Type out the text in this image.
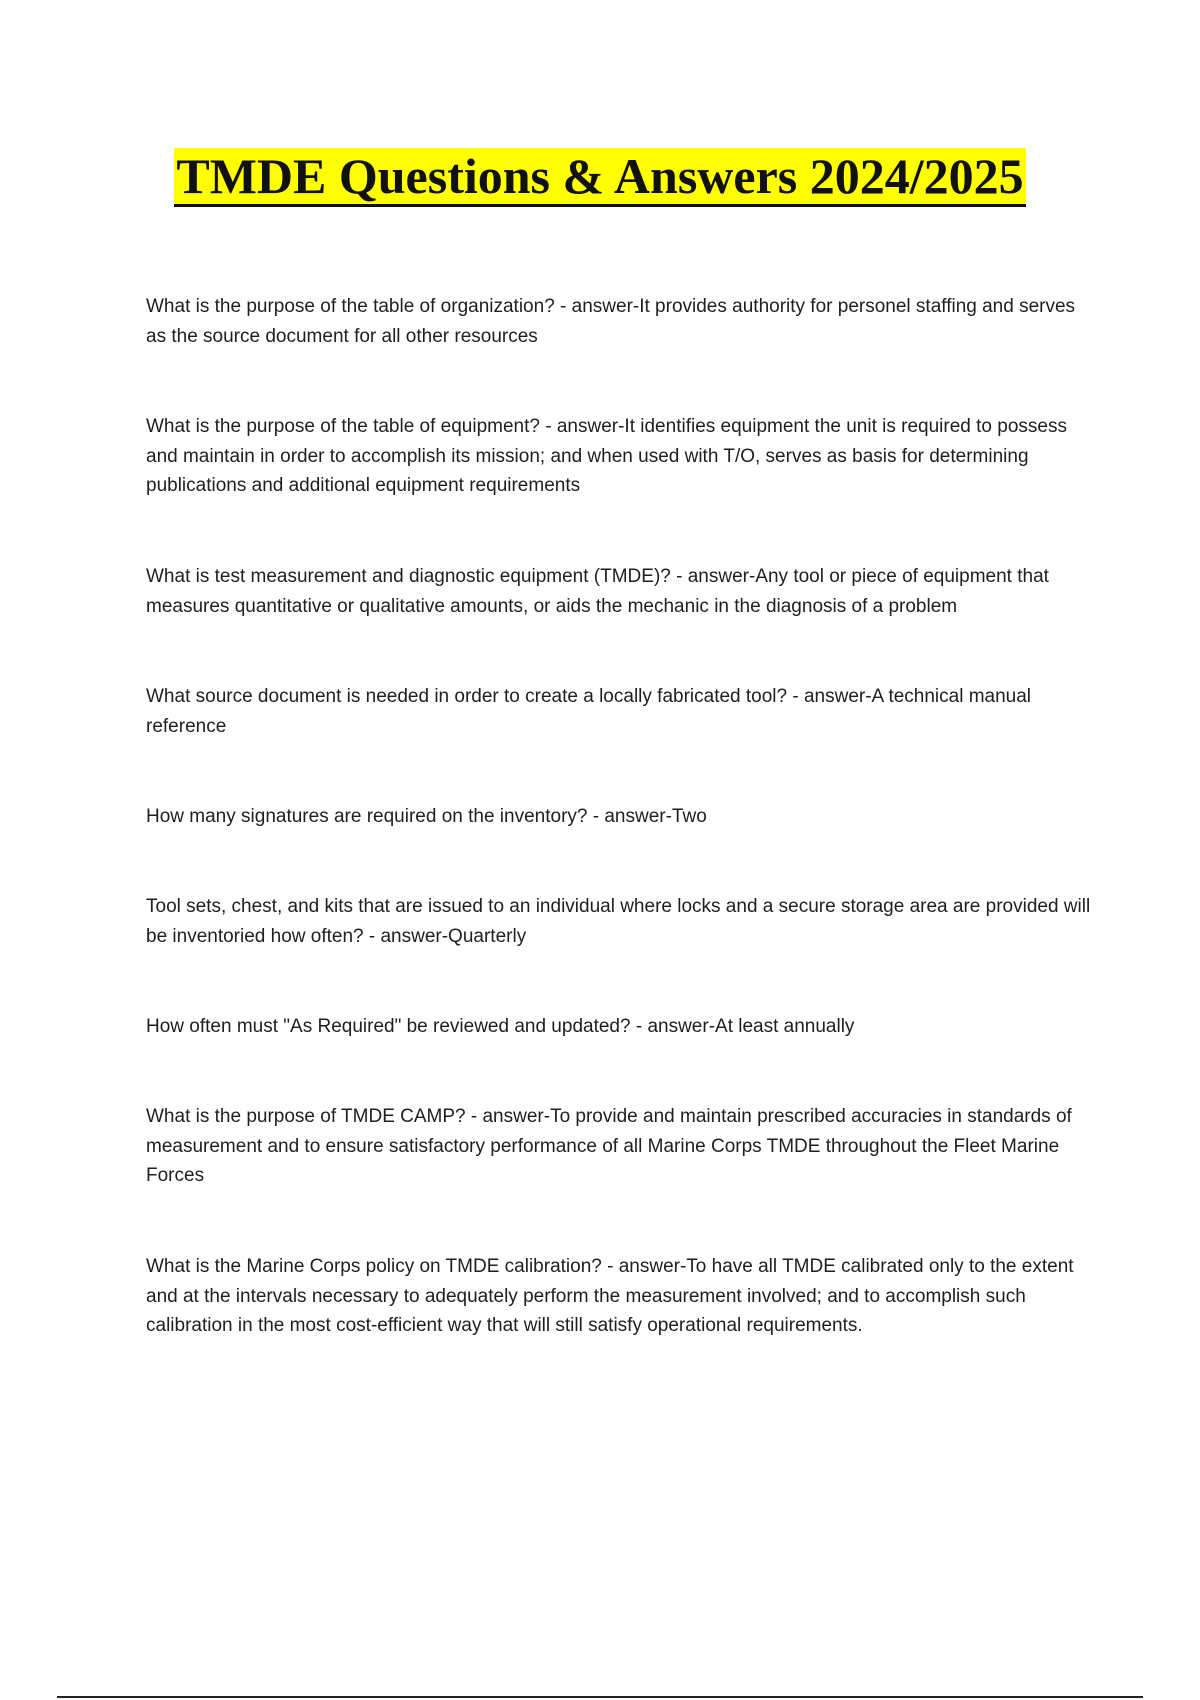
TMDE Questions & Answers 2024/2025

What is the purpose of the table of organization? - answer-It provides authority for personel staffing and serves as the source document for all other resources

What is the purpose of the table of equipment? - answer-It identifies equipment the unit is required to possess and maintain in order to accomplish its mission; and when used with T/O, serves as basis for determining publications and additional equipment requirements

What is test measurement and diagnostic equipment (TMDE)? - answer-Any tool or piece of equipment that measures quantitative or qualitative amounts, or aids the mechanic in the diagnosis of a problem

What source document is needed in order to create a locally fabricated tool? - answer-A technical manual reference

How many signatures are required on the inventory? - answer-Two

Tool sets, chest, and kits that are issued to an individual where locks and a secure storage area are provided will be inventoried how often? - answer-Quarterly

How often must "As Required" be reviewed and updated? - answer-At least annually

What is the purpose of TMDE CAMP? - answer-To provide and maintain prescribed accuracies in standards of measurement and to ensure satisfactory performance of all Marine Corps TMDE throughout the Fleet Marine Forces

What is the Marine Corps policy on TMDE calibration? - answer-To have all TMDE calibrated only to the extent and at the intervals necessary to adequately perform the measurement involved; and to accomplish such calibration in the most cost-efficient way that will still satisfy operational requirements.
